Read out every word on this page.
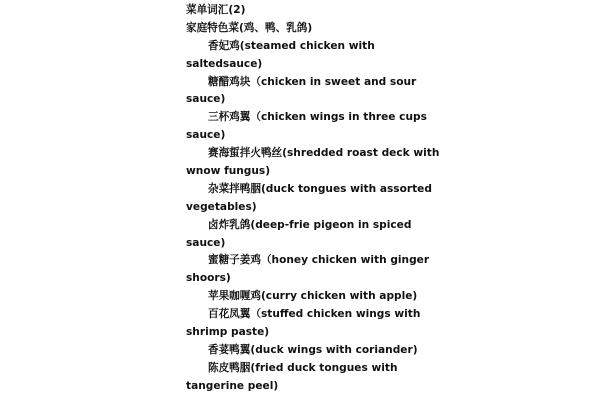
菜单词汇(2)
家庭特色菜(鸡、鸭、乳鸽)
香妃鸡(steamed chicken with
saltedsauce)
糖醋鸡块（chicken in sweet and sour
sauce)
三杯鸡翼（chicken wings in three cups
sauce)
赛海蜇拌火鸭丝(shredded roast deck with
wnow fungus)
杂菜拌鸭胭(duck tongues with assorted
vegetables)
卤炸乳鸽(deep-frie pigeon in spiced
sauce)
蜜糖子姜鸡（honey chicken with ginger
shoors)
苹果咖喱鸡(curry chicken with apple)
百花凤翼（stuffed chicken wings with
shrimp paste)
香荽鸭翼(duck wings with coriander)
陈皮鸭胭(fried duck tongues with
tangerine peel)
